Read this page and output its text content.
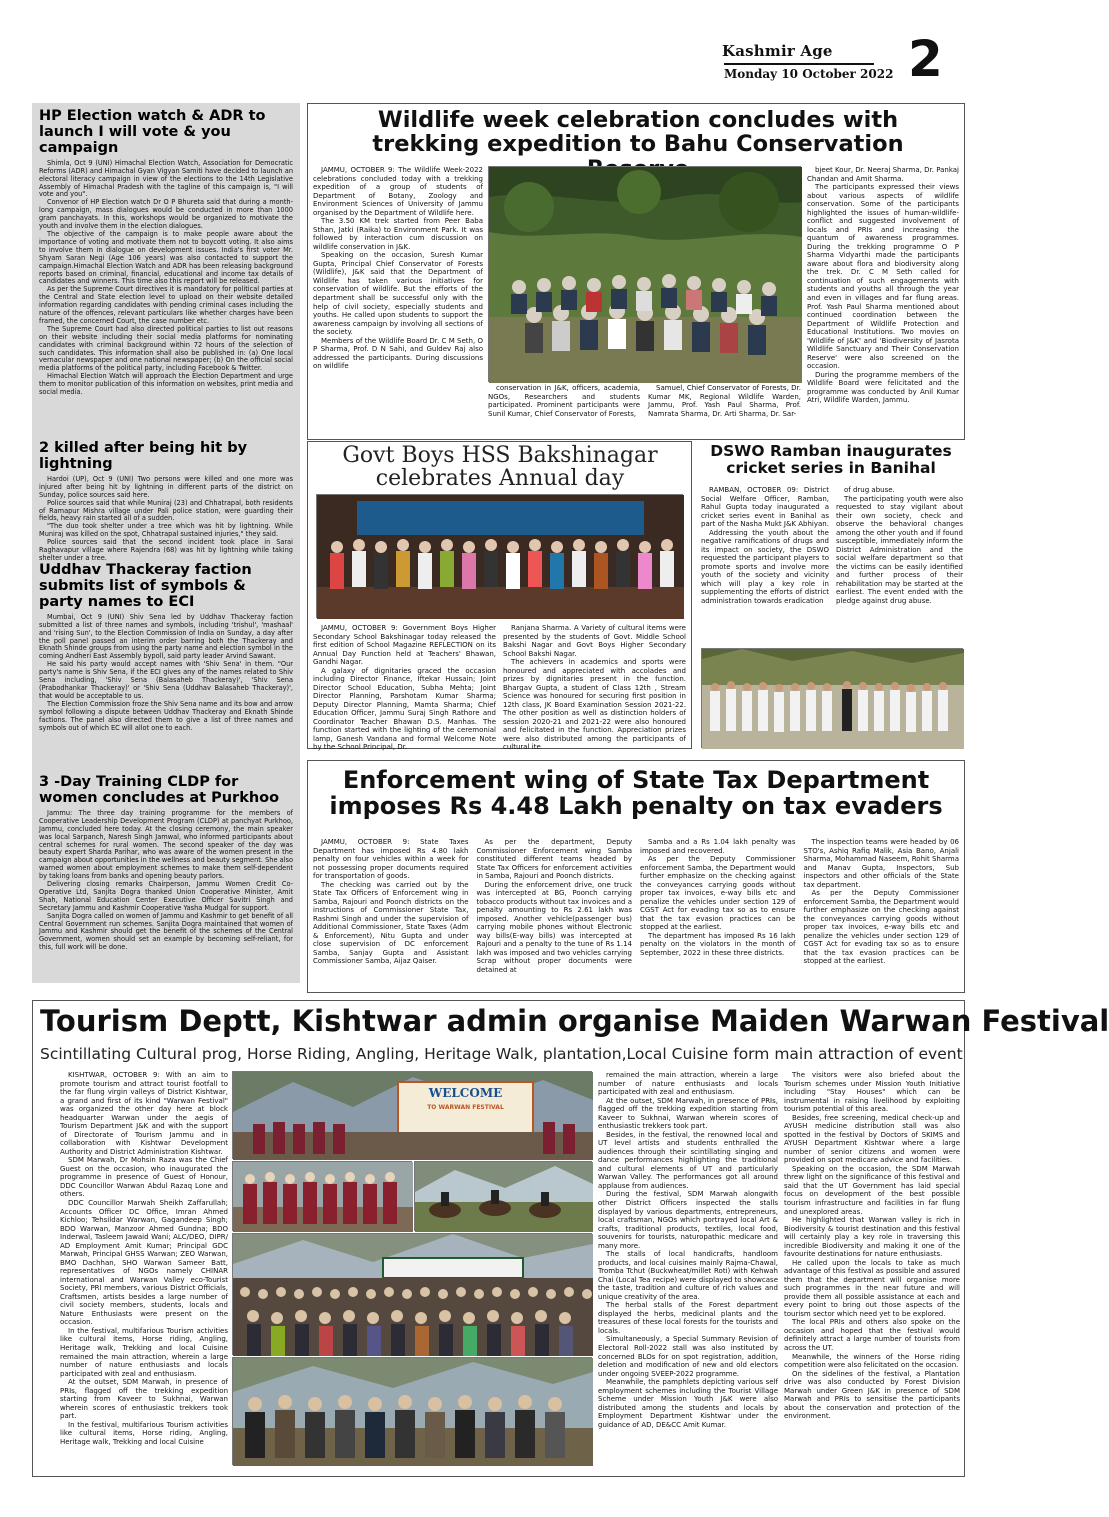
Kashmir Age
Monday 10 October 2022 2
HP Election watch & ADR to launch I will vote & you campaign

Shimla, Oct 9 (UNI) Himachal Election Watch, Association for Democratic Reforms (ADR) and Himachal Gyan Vigyan Samiti have decided to launch an electoral literacy campaign in view of the elections to the 14th Legislative Assembly of Himachal Pradesh with the tagline of this campaign is, "I will vote and you".

Convenor of HP Election watch Dr O P Bhureta said that during a month-long campaign, mass dialogues would be conducted in more than 1000 gram panchayats. In this, workshops would be organized to motivate the youth and involve them in the election dialogues.

The objective of the campaign is to make people aware about the importance of voting and motivate them not to boycott voting. It also aims to involve them in dialogue on development issues. India's first voter Mr. Shyam Saran Negi (Age 106 years) was also contacted to support the campaign.Himachal Election Watch and ADR has been releasing background reports based on criminal, financial, educational and income tax details of candidates and winners. This time also this report will be released.

As per the Supreme Court directives it is mandatory for political parties at the Central and State election level to upload on their website detailed information regarding candidates with pending criminal cases including the nature of the offences, relevant particulars like whether charges have been framed, the concerned Court, the case number etc.

The Supreme Court had also directed political parties to list out reasons on their website including their social media platforms for nominating candidates with criminal background within 72 hours of the selection of such candidates. This information shall also be published in: (a) One local vernacular newspaper and one national newspaper; (b) On the official social media platforms of the political party, including Facebook & Twitter.

Himachal Election Watch will approach the Election Department and urge them to monitor publication of this information on websites, print media and social media.

2 killed after being hit by lightning

Hardoi (UP), Oct 9 (UNI) Two persons were killed and one more was injured after being hit by lightning in different parts of the district on Sunday, police sources said here.

Police sources said that while Muniraj (23) and Chhatrapal, both residents of Ramapur Mishra village under Pali police station, were guarding their fields, heavy rain started all of a sudden.

"The duo took shelter under a tree which was hit by lightning. While Muniraj was killed on the spot, Chhatrapal sustained injuries," they said.

Police sources said that the second incident took place in Sarai Raghavapur village where Rajendra (68) was hit by lightning while taking shelter under a tree.

Uddhav Thackeray faction submits list of symbols & party names to ECI

Mumbai, Oct 9 (UNI) Shiv Sena led by Uddhav Thackeray faction submitted a list of three names and symbols, including 'trishul', 'mashaal' and 'rising Sun', to the Election Commission of India on Sunday, a day after the poll panel passed an interim order barring both the Thackeray and Eknath Shinde groups from using the party name and election symbol in the coming Andheri East Assembly bypoll, said party leader Arvind Sawant.

He said his party would accept names with 'Shiv Sena' in them. "Our party's name is Shiv Sena, if the ECI gives any of the names related to Shiv Sena including, 'Shiv Sena (Balasaheb Thackeray)', 'Shiv Sena (Prabodhankar Thackeray)' or 'Shiv Sena (Uddhav Balasaheb Thackeray)', that would be acceptable to us.

The Election Commission froze the Shiv Sena name and its bow and arrow symbol following a dispute between Uddhav Thackeray and Eknath Shinde factions. The panel also directed them to give a list of three names and symbols out of which EC will allot one to each.

3 -Day Training CLDP for women concludes at Purkhoo

Jammu: The three day training programme for the members of Cooperative Leadership Development Program (CLDP) at panchyat Purkhoo, Jammu, concluded here today. At the closing ceremony, the main speaker was local Sarpanch, Naresh Singh Jamwal, who informed participants about central schemes for rural women. The second speaker of the day was beauty expert Sharda Parihar, who was aware of the women present in the campaign about opportunities in the wellness and beauty segment. She also warned women about employment schemes to make them self-dependent by taking loans from banks and opening beauty parlors.

Delivering closing remarks Chairperson, Jammu Women Credit Co-Operative Ltd, Sanjita Dogra thanked Union Cooperative Minister, Amit Shah, National Education Center Executive Officer Savitri Singh and Secretary Jammu and Kashmir Cooperative Yasha Mudgal for support.

Sanjita Dogra called on women of Jammu and Kashmir to get benefit of all Central Government run schemes. Sanjita Dogra maintained that women of Jammu and Kashmir should get the benefit of the schemes of the Central Government, women should set an example by becoming self-reliant, for this, full work will be done.

Wildlife week celebration concludes with trekking expedition to Bahu Conservation

JAMMU, OCTOBER 9: The Wildlife Week-2022 celebrations concluded today with a trekking expedition of a group of students of Department of Botany, Zoology and Environment Sciences of University of Jammu organised by the Department of Wildlife here.

The 3.50 KM trek started from Peer Baba Sthan, Jatki (Raika) to Environment Park. It was followed by interaction cum discussion on wildlife conservation in J&K.

Speaking on the occasion, Suresh Kumar Gupta, Principal Chief Conservator of Forests (Wildlife), J&K said that the Department of Wildlife has taken various initiatives for conservation of wildlife. But the efforts of the department shall be successful only with the help of civil society, especially students and youths. He called upon students to support the awareness campaign by involving all sections of the society.

Members of the Wildlife Board Dr. C M Seth, O P Sharma, Prof. D N Sahi, and Guldev Raj also addressed the participants. During discussions on wildlife

conservation in J&K, officers, academia, NGOs, Researchers and students participated. Prominent participants were Sunil Kumar, Chief Conservator of Forests,

Samuel, Chief Conservator of Forests, Dr. Kumar MK, Regional Wildlife Warden, Jammu, Prof. Yash Paul Sharma, Prof. Namrata Sharma, Dr. Arti Sharma, Dr. Sar-

bjeet Kour, Dr. Neeraj Sharma, Dr. Pankaj Chandan and Amit Sharma.

The participants expressed their views about various aspects of wildlife conservation. Some of the participants highlighted the issues of human-wildlife-conflict and suggested involvement of locals and PRIs and increasing the quantum of awareness programmes. During the trekking programme O P Sharma Vidyarthi made the participants aware about flora and biodiversity along the trek. Dr. C M Seth called for continuation of such engagements with students and youths all through the year and even in villages and far flung areas. Prof. Yash Paul Sharma mentioned about continued coordination between the Department of Wildlife Protection and Educational Institutions. Two movies on 'Wildlife of J&K' and 'Biodiversity of Jasrota Wildlife Sanctuary and Their Conservation Reserve' were also screened on the occasion.

During the programme members of the Wildlife Board were felicitated and the programme was conducted by Anil Kumar Atri, Wildlife Warden, Jammu.

Govt Boys HSS Bakshinagar celebrates Annual day

JAMMU, OCTOBER 9: Government Boys Higher Secondary School Bakshinagar today released the first edition of School Magazine REFLECTION on its Annual Day Function held at Teachers' Bhawan, Gandhi Nagar.

A galaxy of dignitaries graced the occasion including Director Finance, Iftekar Hussain; Joint Director School Education, Subha Mehta; Joint Director Planning, Parshotam Kumar Sharma; Deputy Director Planning, Mamta Sharma; Chief Education Officer, Jammu Suraj Singh Rathore and Coordinator Teacher Bhawan D.S. Manhas. The function started with the lighting of the ceremonial lamp, Ganesh Vandana and formal Welcome Note by the School Principal, Dr.

Ranjana Sharma. A Variety of cultural items were presented by the students of Govt. Middle School Bakshi Nagar and Govt Boys Higher Secondary School Bakshi Nagar.

The achievers in academics and sports were honoured and appreciated with accolades and prizes by dignitaries present in the function. Bhargav Gupta, a student of Class 12th , Stream Science was honoured for securing first position in 12th class, JK Board Examination Session 2021-22. The other position as well as distinction holders of session 2020-21 and 2021-22 were also honoured and felicitated in the function. Appreciation prizes were also distributed among the participants of cultural ite

DSWO Ramban inaugurates cricket series in Banihal

RAMBAN, OCTOBER 09: District Social Welfare Officer, Ramban, Rahul Gupta today inaugurated a cricket series event in Banihal as part of the Nasha Mukt J&K Abhiyan.

Addressing the youth about the negative ramifications of drugs and its impact on society, the DSWO requested the participant players to promote sports and involve more youth of the society and vicinity which will play a key role in supplementing the efforts of district administration towards eradication

of drug abuse.

The participating youth were also requested to stay vigilant about their own society, check and observe the behavioral changes among the other youth and if found susceptible, immediately inform the District Administration and the social welfare department so that the victims can be easily identified and further process of their rehabilitation may be started at the earliest. The event ended with the pledge against drug abuse.

Enforcement wing of State Tax Department imposes Rs 4.48 Lakh penalty on tax evaders

JAMMU, OCTOBER 9: State Taxes Department has imposed Rs 4.80 lakh penalty on four vehicles within a week for not possessing proper documents required for transportation of goods.

The checking was carried out by the State Tax Officers of Enforcement wing in Samba, Rajouri and Poonch districts on the instructions of Commissioner State Tax, Rashmi Singh and under the supervision of Additional Commissioner, State Taxes (Adm & Enforcement), Nitu Gupta and under close supervision of DC enforcement Samba, Sanjay Gupta and Assistant Commissioner Samba, Aijaz Qaiser.

As per the department, Deputy Commissioner Enforcement wing Samba constituted different teams headed by State Tax Officers for enforcement activities in Samba, Rajouri and Poonch districts.

During the enforcement drive, one truck was intercepted at BG, Poonch carrying tobacco products without tax invoices and a penalty amounting to Rs 2.61 lakh was imposed. Another vehicle(passenger bus) carrying mobile phones without Electronic way bills(E-way bills) was intercepted at Rajouri and a penalty to the tune of Rs 1.14 lakh was imposed and two vehicles carrying Scrap without proper documents were detained at

Samba and a Rs 1.04 lakh penalty was imposed and recovered.

As per the Deputy Commissioner enforcement Samba, the Department would further emphasize on the checking against the conveyances carrying goods without proper tax invoices, e-way bills etc and penalize the vehicles under section 129 of CGST Act for evading tax so as to ensure that the tax evasion practices can be stopped at the earliest.

The department has imposed Rs 16 lakh penalty on the violators in the month of September, 2022 in these three districts.

The inspection teams were headed by 06 STO's, Ashiq Rafiq Malik, Asia Bano, Anjali Sharma, Mohammad Naseem, Rohit Sharma and Manav Gupta, Inspectors, Sub inspectors and other officials of the State tax department.

As per the Deputy Commissioner enforcement Samba, the Department would further emphasize on the checking against the conveyances carrying goods without proper tax invoices, e-way bills etc and penalize the vehicles under section 129 of CGST Act for evading tax so as to ensure that the tax evasion practices can be stopped at the earliest.

Tourism Deptt, Kishtwar admin organise Maiden Warwan Festival
Scintillating Cultural prog, Horse Riding, Angling, Heritage Walk, plantation,Local Cuisine form main attraction of event

KISHTWAR, OCTOBER 9: With an aim to promote tourism and attract tourist footfall to the far flung virgin valleys of District Kishtwar, a grand and first of its kind "Warwan Festival" was organized the other day here at block headquarter Warwan under the aegis of Tourism Department J&K and with the support of Directorate of Tourism Jammu and in collaboration with Kishtwar Development Authority and District Administration Kishtwar.

SDM Marwah, Dr Mohsin Raza was the Chief Guest on the occasion, who inaugurated the programme in presence of Guest of Honour, DDC Councillor Warwan Abdul Razaq Lone and others.

DDC Councillor Marwah Sheikh Zaffarullah; Accounts Officer DC Office, Imran Ahmed Kichloo; Tehsildar Warwan, Gagandeep Singh; BDO Warwan, Manzoor Ahmed Gundna; BDO Inderwal, Tasleem Jawaid Wani; ALC/DEO, DIPR/ AD Employment Amit Kumar; Principal GDC Marwah, Principal GHSS Warwan; ZEO Warwan, BMO Dachhan, SHO Warwan Sameer Batt, representatives of NGOs namely CHINAR international and Warwan Valley eco-Tourist Society, PRI members, various District Officials, Craftsmen, artists besides a large number of civil society members, students, locals and Nature Enthusiasts were present on the occasion.

In the festival, multifarious Tourism activities like cultural items, Horse riding, Angling, Heritage walk, Trekking and local Cuisine remained the main attraction, wherein a large number of nature enthusiasts and locals participated with zeal and enthusiasm.

At the outset, SDM Marwah, in presence of PRIs, flagged off the trekking expedition starting from Kaveer to Sukhnai, Warwan wherein scores of enthusiastic trekkers took part.

In the festival, multifarious Tourism activities like cultural items, Horse riding, Angling, Heritage walk, Trekking and local Cuisine

WELCOME
TO WARWAN FESTIVAL

remained the main attraction, wherein a large number of nature enthusiasts and locals participated with zeal and enthusiasm.

At the outset, SDM Marwah, in presence of PRIs, flagged off the trekking expedition starting from Kaveer to Sukhnai, Warwan wherein scores of enthusiastic trekkers took part.

Besides, in the festival, the renowned local and UT level artists and students enthralled the audiences through their scintillating singing and dance performances highlighting the traditional and cultural elements of UT and particularly Warwan Valley. The performances got all around applause from audiences.

During the festival, SDM Marwah alongwith other District Officers inspected the stalls displayed by various departments, entrepreneurs, local craftsman, NGOs which portrayed local Art & crafts, traditional products, textiles, local food, souvenirs for tourists, naturopathic medicare and many more.

The stalls of local handicrafts, handloom products, and local cuisines mainly Rajma-Chawal, Tromba Tchut (Buckwheat/millet Roti) with Kehwah Chai (Local Tea recipe) were displayed to showcase the taste, tradition and culture of rich values and unique creativity of the area.

The herbal stalls of the Forest department displayed the herbs, medicinal plants and the treasures of these local forests for the tourists and locals.

Simultaneously, a Special Summary Revision of Electoral Roll-2022 stall was also instituted by concerned BLOs for on spot registration, addition, deletion and modification of new and old electors under ongoing SVEEP-2022 programme.

Meanwhile, the pamphlets depicting various self employment schemes including the Tourist Village Scheme under Mission Youth J&K were also distributed among the students and locals by Employment Department Kishtwar under the guidance of AD, DE&CC Amit Kumar.

The visitors were also briefed about the Tourism schemes under Mission Youth Initiative including "Stay Houses" which can be instrumental in raising livelihood by exploiting tourism potential of this area.

Besides, free screening, medical check-up and AYUSH medicine distribution stall was also spotted in the festival by Doctors of SKIMS and AYUSH Department Kishtwar where a large number of senior citizens and women were provided on spot medicare advice and facilities.

Speaking on the occasion, the SDM Marwah threw light on the significance of this festival and said that the UT Government has laid special focus on development of the best possible tourism infrastructure and facilities in far flung and unexplored areas.

He highlighted that Warwan valley is rich in Biodiversity & tourist destination and this festival will certainly play a key role in traversing this incredible Biodiversity and making it one of the favourite destinations for nature enthusiasts.

He called upon the locals to take as much advantage of this festival as possible and assured them that the department will organise more such programmes in the near future and will provide them all possible assistance at each and every point to bring out those aspects of the tourism sector which need yet to be explored.

The local PRIs and others also spoke on the occasion and hoped that the festival would definitely attract a large number of tourists from across the UT.

Meanwhile, the winners of the Horse riding competition were also felicitated on the occasion.

On the sidelines of the festival, a Plantation drive was also conducted by Forest Division Marwah under Green J&K in presence of SDM Marwah and PRIs to sensitise the participants about the conservation and protection of the environment.
